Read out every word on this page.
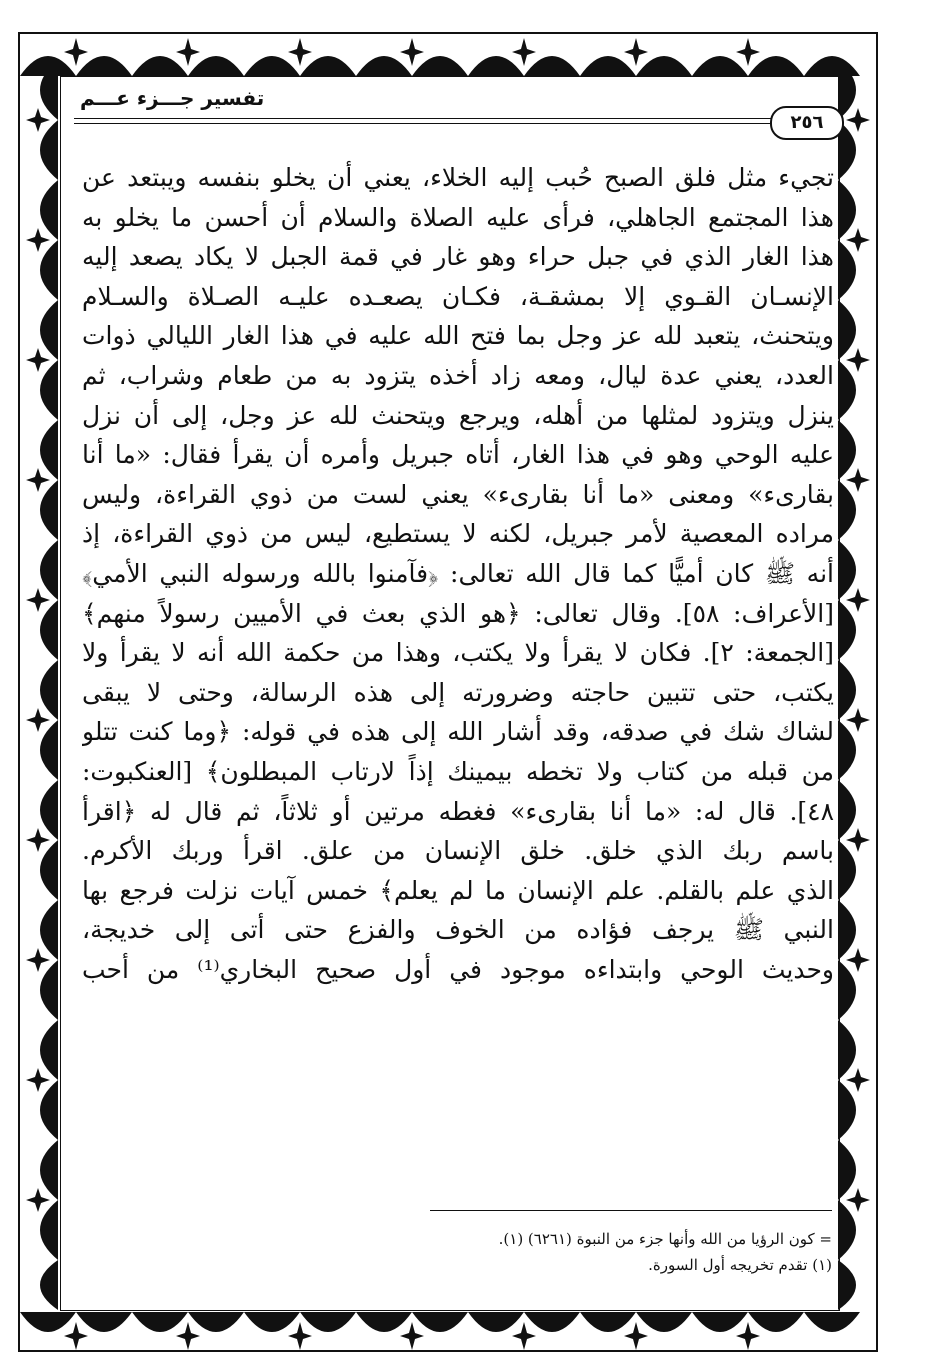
تفسير جـــزء عـــم
٢٥٦
تجيء مثل فلق الصبح حُبب إليه الخلاء، يعني أن يخلو بنفسه ويبتعد عن
هذا المجتمع الجاهلي، فرأى عليه الصلاة والسلام أن أحسن ما يخلو به
هذا الغار الذي في جبل حراء وهو غار في قمة الجبل لا يكاد يصعد إليه
الإنسـان القـوي إلا بمشقـة، فكـان يصعـده عليـه الصـلاة والسـلام
ويتحنث، يتعبد لله عز وجل بما فتح الله عليه في هذا الغار الليالي ذوات
العدد، يعني عدة ليال، ومعه زاد أخذه يتزود به من طعام وشراب، ثم
ينزل ويتزود لمثلها من أهله، ويرجع ويتحنث لله عز وجل، إلى أن نزل
عليه الوحي وهو في هذا الغار، أتاه جبريل وأمره أن يقرأ فقال: «ما أنا
بقارىء» ومعنى «ما أنا بقارىء» يعني لست من ذوي القراءة، وليس
مراده المعصية لأمر جبريل، لكنه لا يستطيع، ليس من ذوي القراءة، إذ
أنه ﷺ كان أميًّا كما قال الله تعالى: ﴿فآمنوا بالله ورسوله النبي الأمي﴾
[الأعراف: ٥٨]. وقال تعالى: ﴿هو الذي بعث في الأميين رسولاً منهم﴾
[الجمعة: ٢]. فكان لا يقرأ ولا يكتب، وهذا من حكمة الله أنه لا يقرأ ولا
يكتب، حتى تتبين حاجته وضرورته إلى هذه الرسالة، وحتى لا يبقى
لشاك شك في صدقه، وقد أشار الله إلى هذه في قوله: ﴿وما كنت تتلو
من قبله من كتاب ولا تخطه بيمينك إذاً لارتاب المبطلون﴾ [العنكبوت:
٤٨]. قال له: «ما أنا بقارىء» فغطه مرتين أو ثلاثاً، ثم قال له ﴿اقرأ
باسم ربك الذي خلق. خلق الإنسان من علق. اقرأ وربك الأكرم.
الذي علم بالقلم. علم الإنسان ما لم يعلم﴾ خمس آيات نزلت فرجع بها
النبي ﷺ يرجف فؤاده من الخوف والفزع حتى أتى إلى خديجة،
وحديث الوحي وابتداءه موجود في أول صحيح البخاري⁽¹⁾ من أحب
= كون الرؤيا من الله وأنها جزء من النبوة (٦٢٦١) (١).
(١) تقدم تخريجه أول السورة.
